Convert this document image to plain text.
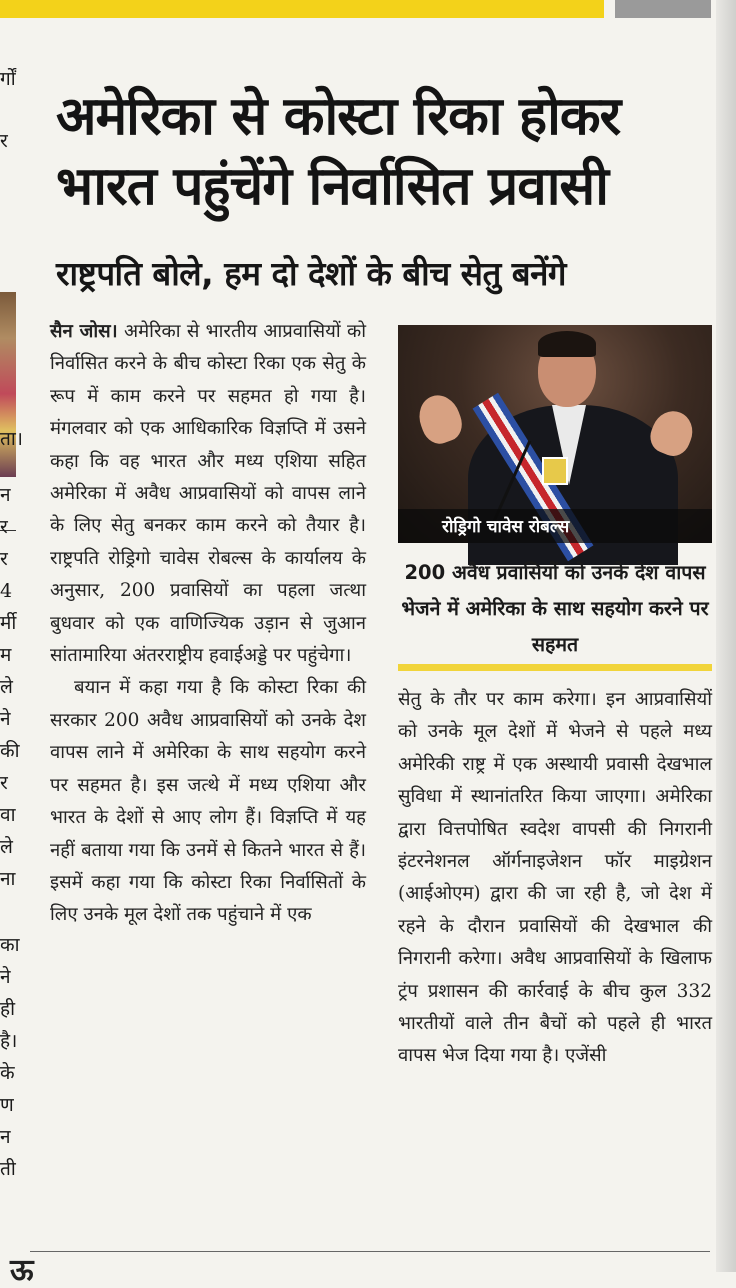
र्गों
र
ता।
न
र
र
4
र्मी
म
ले
ने
की
र
वा
ले
ना
का
ने
ही
है।
के
ण
न
ती
अमेरिका से कोस्टा रिका होकर भारत पहुंचेंगे निर्वासित प्रवासी
राष्ट्रपति बोले, हम दो देशों के बीच सेतु बनेंगे

सैन जोस। अमेरिका से भारतीय आप्रवासियों को निर्वासित करने के बीच कोस्टा रिका एक सेतु के रूप में काम करने पर सहमत हो गया है। मंगलवार को एक आधिकारिक विज्ञप्ति में उसने कहा कि वह भारत और मध्य एशिया सहित अमेरिका में अवैध आप्रवासियों को वापस लाने के लिए सेतु बनकर काम करने को तैयार है। राष्ट्रपति रोड्रिगो चावेस रोबल्स के कार्यालय के अनुसार, 200 प्रवासियों का पहला जत्था बुधवार को एक वाणिज्यिक उड़ान से जुआन सांतामारिया अंतरराष्ट्रीय हवाईअड्डे पर पहुंचेगा।

बयान में कहा गया है कि कोस्टा रिका की सरकार 200 अवैध आप्रवासियों को उनके देश वापस लाने में अमेरिका के साथ सहयोग करने पर सहमत है। इस जत्थे में मध्य एशिया और भारत के देशों से आए लोग हैं। विज्ञप्ति में यह नहीं बताया गया कि उनमें से कितने भारत से हैं। इसमें कहा गया कि कोस्टा रिका निर्वासितों के लिए उनके मूल देशों तक पहुंचाने में एक

रोड्रिगो चावेस रोबल्स

200 अवैध प्रवासियों को उनके देश वापस भेजने में अमेरिका के साथ सहयोग करने पर सहमत

सेतु के तौर पर काम करेगा। इन आप्रवासियों को उनके मूल देशों में भेजने से पहले मध्य अमेरिकी राष्ट्र में एक अस्थायी प्रवासी देखभाल सुविधा में स्थानांतरित किया जाएगा। अमेरिका द्वारा वित्तपोषित स्वदेश वापसी की निगरानी इंटरनेशनल ऑर्गनाइजेशन फॉर माइग्रेशन (आईओएम) द्वारा की जा रही है, जो देश में रहने के दौरान प्रवासियों की देखभाल की निगरानी करेगा। अवैध आप्रवासियों के खिलाफ ट्रंप प्रशासन की कार्रवाई के बीच कुल 332 भारतीयों वाले तीन बैचों को पहले ही भारत वापस भेज दिया गया है। एजेंसी

ऊ
